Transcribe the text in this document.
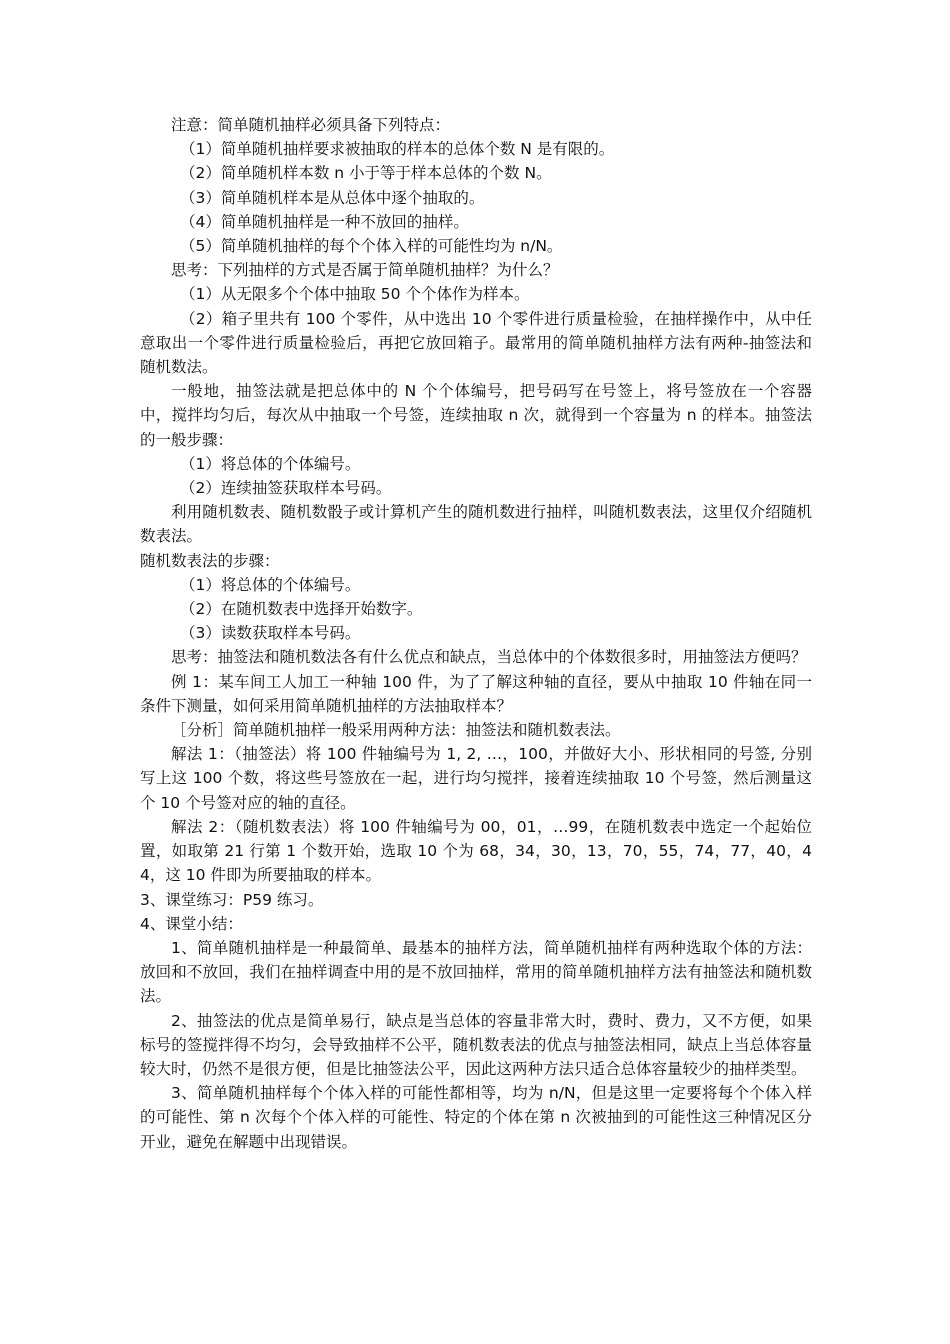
注意：简单随机抽样必须具备下列特点：

（1）简单随机抽样要求被抽取的样本的总体个数 N 是有限的。

（2）简单随机样本数 n 小于等于样本总体的个数 N。

（3）简单随机样本是从总体中逐个抽取的。

（4）简单随机抽样是一种不放回的抽样。

（5）简单随机抽样的每个个体入样的可能性均为 n/N。

思考：下列抽样的方式是否属于简单随机抽样？为什么？

（1）从无限多个个体中抽取 50 个个体作为样本。

（2）箱子里共有 100 个零件，从中选出 10 个零件进行质量检验，在抽样操作中，从中任意取出一个零件进行质量检验后，再把它放回箱子。最常用的简单随机抽样方法有两种-抽签法和随机数法。

一般地，抽签法就是把总体中的 N 个个体编号，把号码写在号签上，将号签放在一个容器中，搅拌均匀后，每次从中抽取一个号签，连续抽取 n 次，就得到一个容量为 n 的样本。抽签法的一般步骤：

（1）将总体的个体编号。

（2）连续抽签获取样本号码。

利用随机数表、随机数骰子或计算机产生的随机数进行抽样，叫随机数表法，这里仅介绍随机数表法。

随机数表法的步骤：

（1）将总体的个体编号。

（2）在随机数表中选择开始数字。

（3）读数获取样本号码。

思考：抽签法和随机数法各有什么优点和缺点，当总体中的个体数很多时，用抽签法方便吗？

例 1：某车间工人加工一种轴 100 件，为了了解这种轴的直径，要从中抽取 10 件轴在同一条件下测量，如何采用简单随机抽样的方法抽取样本？

［分析］简单随机抽样一般采用两种方法：抽签法和随机数表法。

解法 1：（抽签法）将 100 件轴编号为 1, 2, …，100，并做好大小、形状相同的号签, 分别写上这 100 个数，将这些号签放在一起，进行均匀搅拌，接着连续抽取 10 个号签，然后测量这个 10 个号签对应的轴的直径。

解法 2：（随机数表法）将 100 件轴编号为 00，01，…99，在随机数表中选定一个起始位置，如取第 21 行第 1 个数开始，选取 10 个为 68，34，30，13，70，55，74，77，40，44，这 10 件即为所要抽取的样本。

3、课堂练习：P59 练习。

4、课堂小结：

1、简单随机抽样是一种最简单、最基本的抽样方法，简单随机抽样有两种选取个体的方法：放回和不放回，我们在抽样调查中用的是不放回抽样，常用的简单随机抽样方法有抽签法和随机数法。

2、抽签法的优点是简单易行，缺点是当总体的容量非常大时，费时、费力，又不方便，如果标号的签搅拌得不均匀，会导致抽样不公平，随机数表法的优点与抽签法相同，缺点上当总体容量较大时，仍然不是很方便，但是比抽签法公平，因此这两种方法只适合总体容量较少的抽样类型。

3、简单随机抽样每个个体入样的可能性都相等，均为 n/N，但是这里一定要将每个个体入样的可能性、第 n 次每个个体入样的可能性、特定的个体在第 n 次被抽到的可能性这三种情况区分开业，避免在解题中出现错误。
